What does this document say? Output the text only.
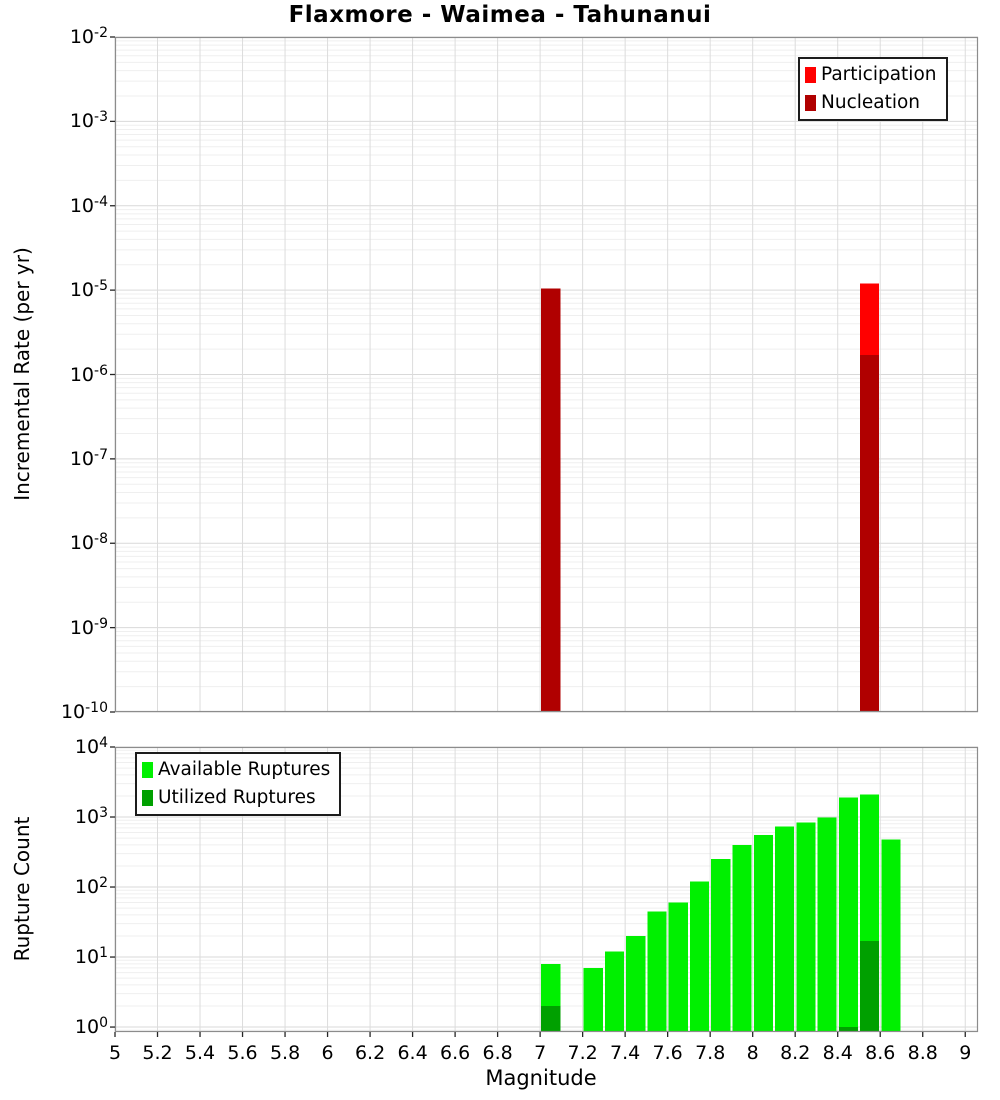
Flaxmore - Waimea - Tahunanui
Incremental Rate (per yr)
Rupture Count
Magnitude
Participation
Nucleation
Available Ruptures
Utilized Ruptures
$10^{-2}$
$10^{-3}$
$10^{-4}$
$10^{-5}$
$10^{-6}$
$10^{-7}$
$10^{-8}$
$10^{-9}$
$10^{-10}$
$10^4$
$10^3$
$10^2$
$10^1$
$10^0$
5 5.2 5.4 5.6 5.8 6 6.2 6.4 6.6 6.8 7 7.2 7.4 7.6 7.8 8 8.2 8.4 8.6 8.8 9
